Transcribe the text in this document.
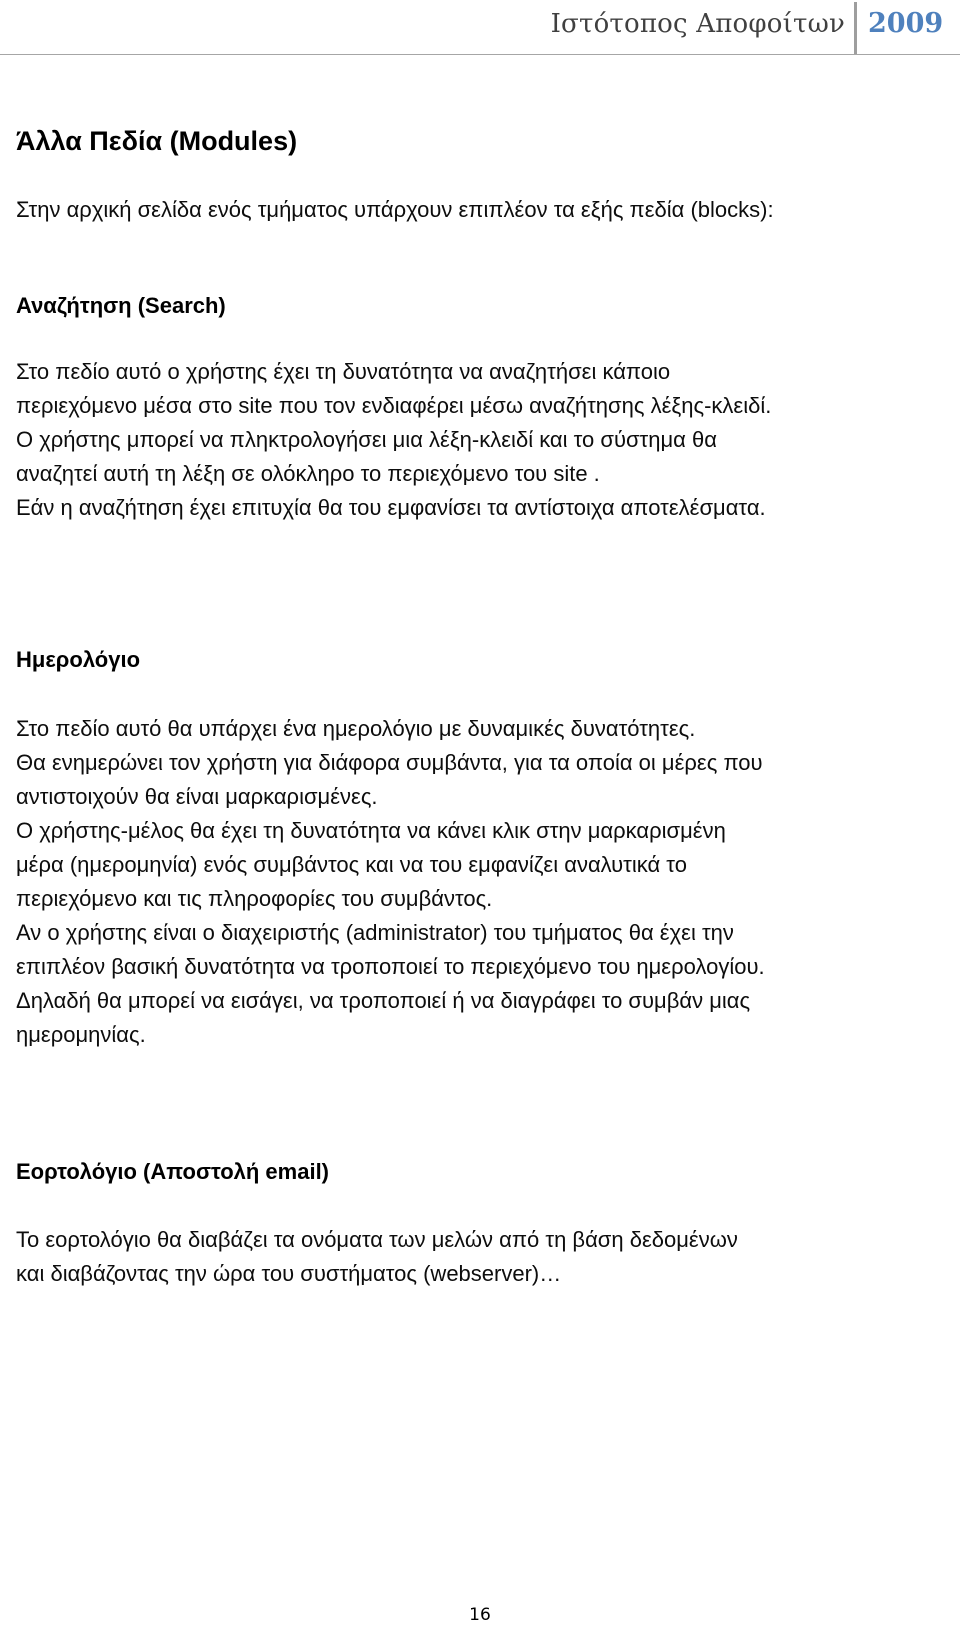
Ιστότοπος Αποφοίτων 2009
Άλλα Πεδία (Modules)
Στην αρχική σελίδα ενός τμήματος υπάρχουν επιπλέον τα εξής πεδία (blocks):
Αναζήτηση (Search)
Στο πεδίο αυτό ο χρήστης έχει τη δυνατότητα να αναζητήσει κάποιο
περιεχόμενο μέσα στο site που τον ενδιαφέρει μέσω αναζήτησης λέξης-κλειδί.
Ο χρήστης μπορεί να πληκτρολογήσει μια λέξη-κλειδί και το σύστημα θα
αναζητεί αυτή τη λέξη σε ολόκληρο το περιεχόμενο του site .
Εάν η αναζήτηση έχει επιτυχία θα του εμφανίσει τα αντίστοιχα αποτελέσματα.
Ημερολόγιο
Στο πεδίο αυτό θα υπάρχει ένα ημερολόγιο με δυναμικές δυνατότητες.
Θα ενημερώνει τον χρήστη για διάφορα συμβάντα, για τα οποία οι μέρες που
αντιστοιχούν θα είναι μαρκαρισμένες.
Ο χρήστης-μέλος θα έχει τη δυνατότητα να κάνει κλικ στην μαρκαρισμένη
μέρα (ημερομηνία) ενός συμβάντος και να του εμφανίζει αναλυτικά το
περιεχόμενο και τις πληροφορίες του συμβάντος.
Αν ο χρήστης είναι ο διαχειριστής (administrator) του τμήματος θα έχει την
επιπλέον βασική δυνατότητα να τροποποιεί το περιεχόμενο του ημερολογίου.
Δηλαδή θα μπορεί να εισάγει, να τροποποιεί ή να διαγράφει το συμβάν μιας
ημερομηνίας.
Εορτολόγιο (Αποστολή email)
Το εορτολόγιο θα διαβάζει τα ονόματα των μελών από τη βάση δεδομένων
και διαβάζοντας την ώρα του συστήματος (webserver)…
16
